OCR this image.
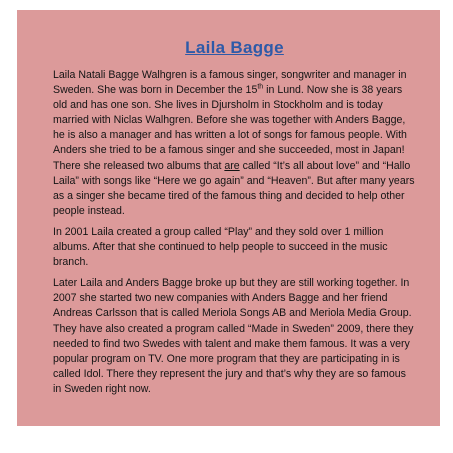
Laila Bagge

Laila Natali Bagge Walhgren is a famous singer, songwriter and manager in Sweden. She was born in December the 15th in Lund. Now she is 38 years old and has one son. She lives in Djursholm in Stockholm and is today married with Niclas Walhgren. Before she was together with Anders Bagge, he is also a manager and has written a lot of songs for famous people. With Anders she tried to be a famous singer and she succeeded, most in Japan! There she released two albums that are called “It’s all about love” and “Hallo Laila” with songs like “Here we go again” and “Heaven”. But after many years as a singer she became tired of the famous thing and decided to help other people instead.

In 2001 Laila created a group called “Play” and they sold over 1 million albums. After that she continued to help people to succeed in the music branch.

Later Laila and Anders Bagge broke up but they are still working together. In 2007 she started two new companies with Anders Bagge and her friend Andreas Carlsson that is called Meriola Songs AB and Meriola Media Group. They have also created a program called “Made in Sweden” 2009, there they needed to find two Swedes with talent and make them famous. It was a very popular program on TV. One more program that they are participating in is called Idol. There they represent the jury and that’s why they are so famous in Sweden right now.
